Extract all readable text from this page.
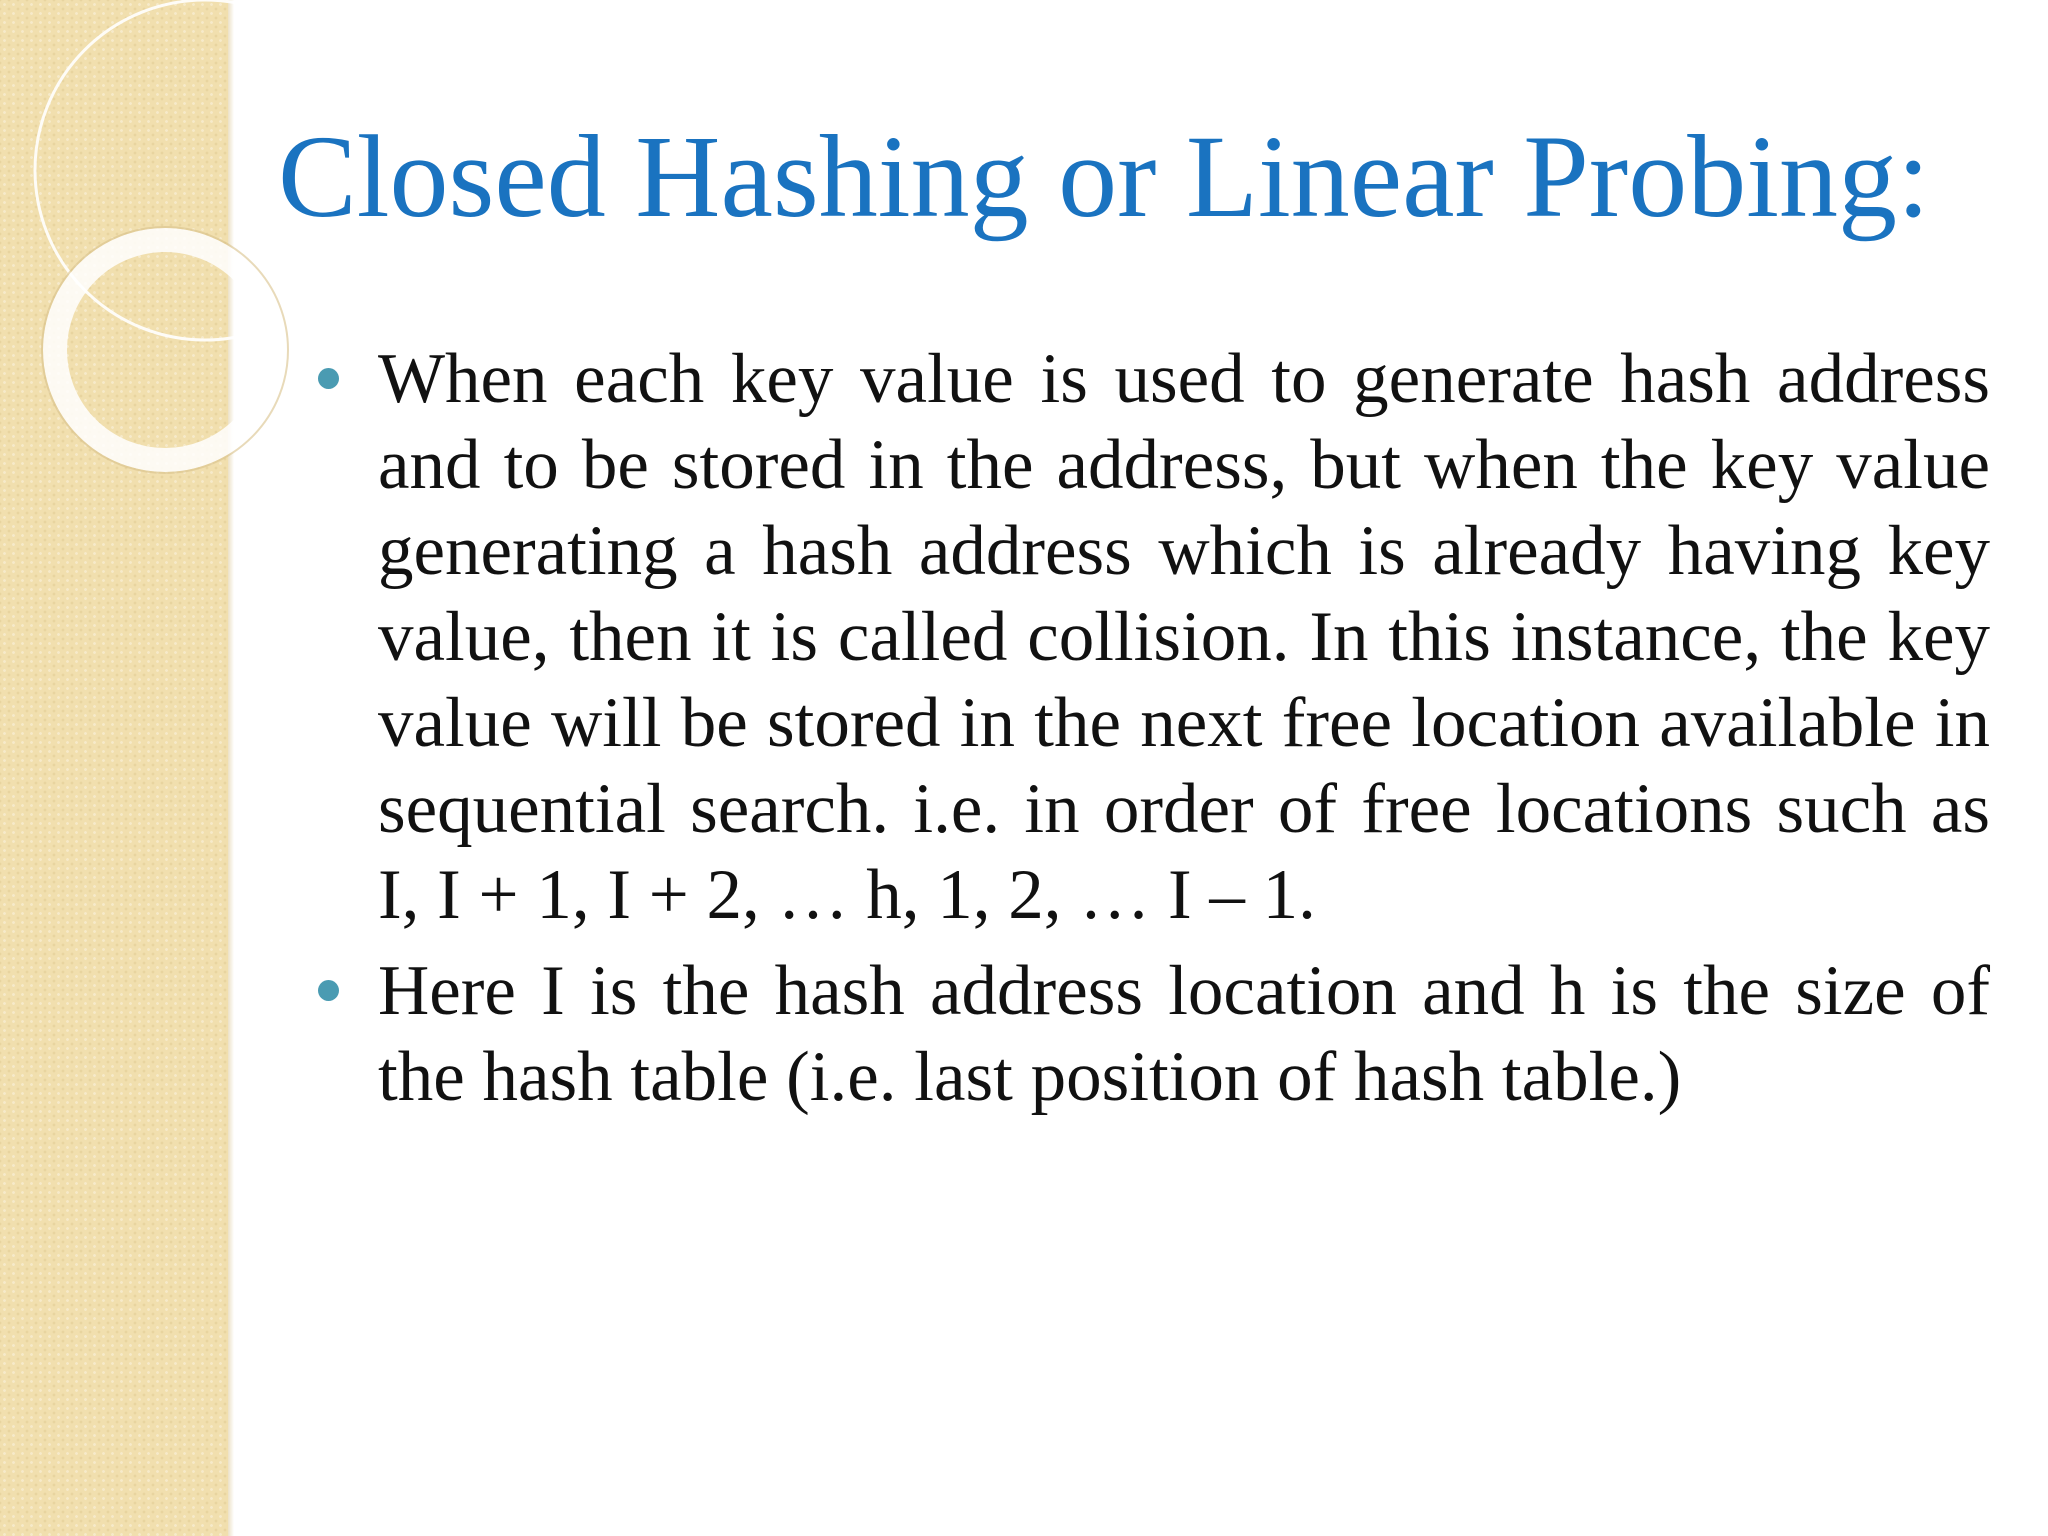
Closed Hashing or Linear Probing:
When each key value is used to generate hash address and to be stored in the address, but when the key value generating a hash address which is already having key value, then it is called collision. In this instance, the key value will be stored in the next free location available in sequential search. i.e. in order of free locations such as I, I + 1, I + 2, … h, 1, 2, … I – 1.
Here I is the hash address location and h is the size of the hash table (i.e. last position of hash table.)
